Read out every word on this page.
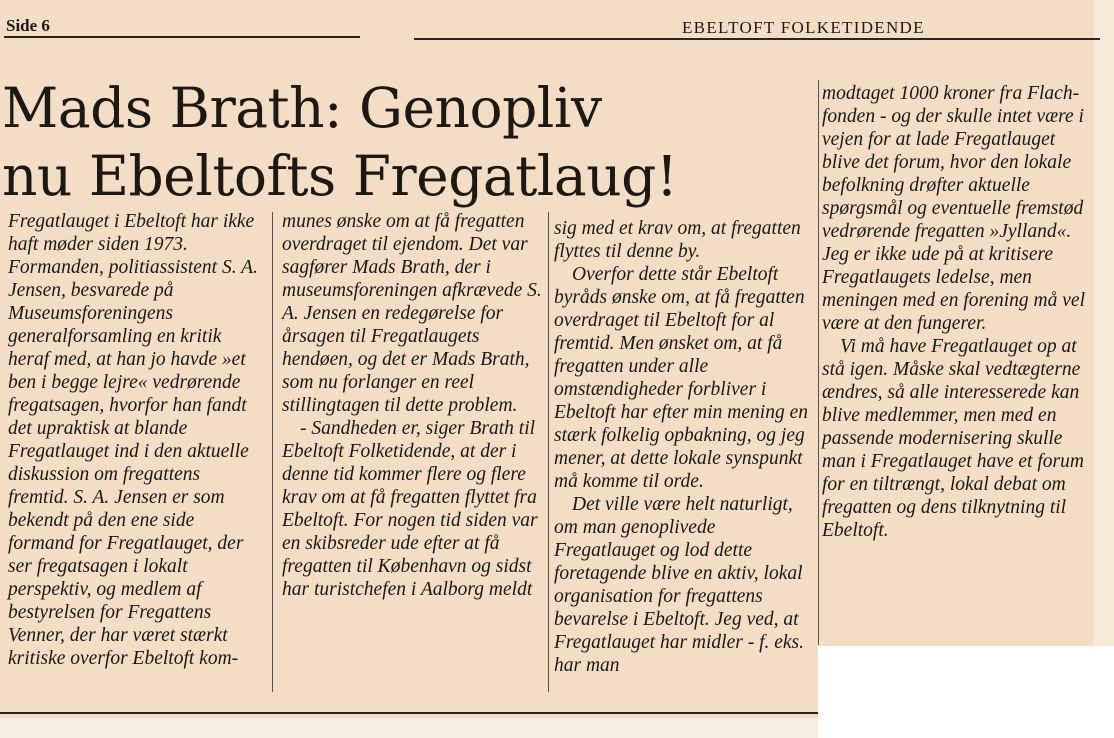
Side 6	EBELTOFT FOLKETIDENDE
Mads Brath: Genopliv
nu Ebeltofts Fregatlaug!

Fregatlauget i Ebeltoft har ikke haft møder siden 1973. Formanden, politiassistent S. A. Jensen, besvarede på Museumsforeningens generalforsamling en kritik heraf med, at han jo havde »et ben i begge lejre« vedrørende fregatsagen, hvorfor han fandt det upraktisk at blande Fregatlauget ind i den aktuelle diskussion om fregattens fremtid. S. A. Jensen er som bekendt på den ene side formand for Fregatlauget, der ser fregatsagen i lokalt perspektiv, og medlem af bestyrelsen for Fregattens Venner, der har været stærkt kritiske overfor Ebeltoft kom-

munes ønske om at få fregatten overdraget til ejendom. Det var sagfører Mads Brath, der i museumsforeningen afkrævede S. A. Jensen en redegørelse for årsagen til Fregatlaugets hendøen, og det er Mads Brath, som nu forlanger en reel stillingtagen til dette problem.

- Sandheden er, siger Brath til Ebeltoft Folketidende, at der i denne tid kommer flere og flere krav om at få fregatten flyttet fra Ebeltoft. For nogen tid siden var en skibsreder ude efter at få fregatten til København og sidst har turistchefen i Aalborg meldt

sig med et krav om, at fregatten flyttes til denne by.

Overfor dette står Ebeltoft byråds ønske om, at få fregatten overdraget til Ebeltoft for al fremtid. Men ønsket om, at få fregatten under alle omstændigheder forbliver i Ebeltoft har efter min mening en stærk folkelig opbakning, og jeg mener, at dette lokale synspunkt må komme til orde.

Det ville være helt naturligt, om man genoplivede Fregatlauget og lod dette foretagende blive en aktiv, lokal organisation for fregattens bevarelse i Ebeltoft. Jeg ved, at Fregatlauget har midler - f. eks. har man

modtaget 1000 kroner fra Flach-fonden - og der skulle intet være i vejen for at lade Fregatlauget blive det forum, hvor den lokale befolkning drøfter aktuelle spørgsmål og eventuelle fremstød vedrørende fregatten »Jylland«. Jeg er ikke ude på at kritisere Fregatlaugets ledelse, men meningen med en forening må vel være at den fungerer.

Vi må have Fregatlauget op at stå igen. Måske skal vedtægterne ændres, så alle interesserede kan blive medlemmer, men med en passende modernisering skulle man i Fregatlauget have et forum for en tiltrængt, lokal debat om fregatten og dens tilknytning til Ebeltoft.
